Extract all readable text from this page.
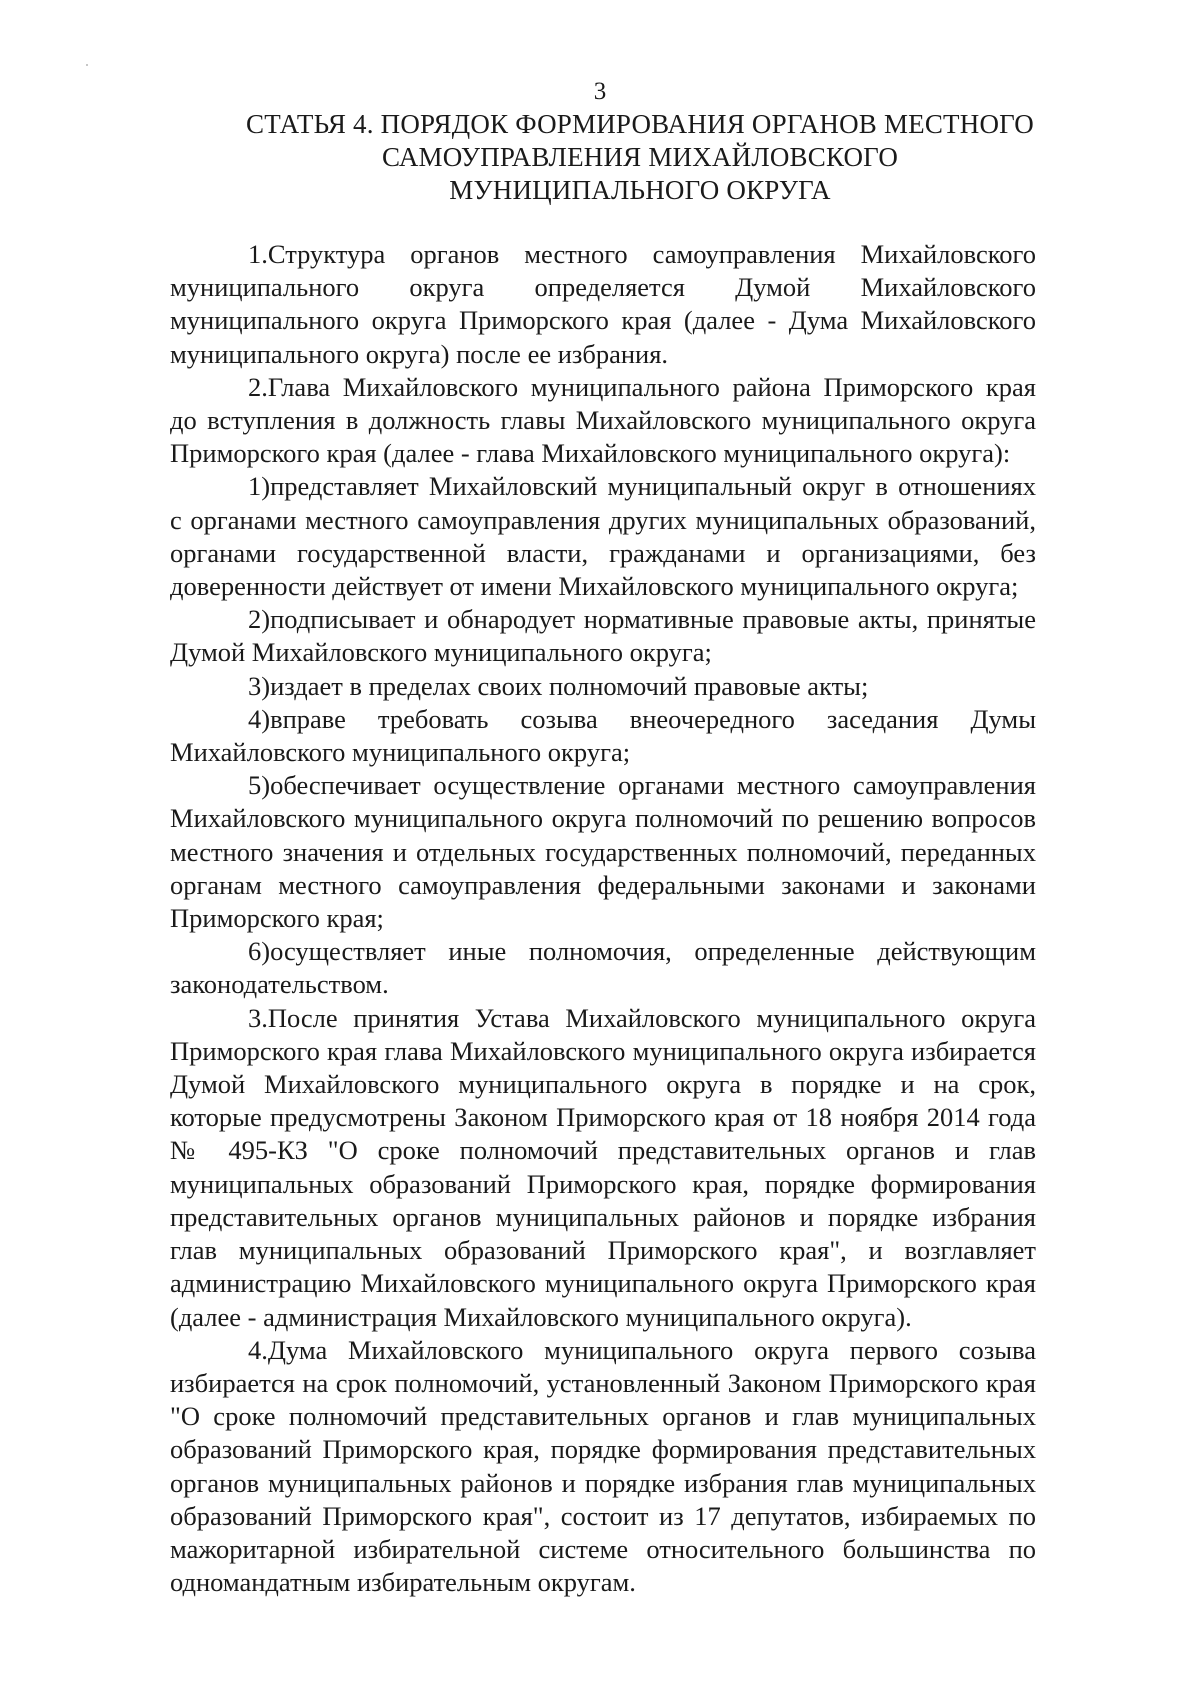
3
СТАТЬЯ 4. ПОРЯДОК ФОРМИРОВАНИЯ ОРГАНОВ МЕСТНОГО
САМОУПРАВЛЕНИЯ МИХАЙЛОВСКОГО
МУНИЦИПАЛЬНОГО ОКРУГА

1.Структура органов местного самоуправления Михайловского муниципального округа определяется Думой Михайловского муниципального округа Приморского края (далее - Дума Михайловского муниципального округа) после ее избрания.

2.Глава Михайловского муниципального района Приморского края до вступления в должность главы Михайловского муниципального округа Приморского края (далее - глава Михайловского муниципального округа):

1)представляет Михайловский муниципальный округ в отношениях с органами местного самоуправления других муниципальных образований, органами государственной власти, гражданами и организациями, без доверенности действует от имени Михайловского муниципального округа;

2)подписывает и обнародует нормативные правовые акты, принятые Думой Михайловского муниципального округа;

3)издает в пределах своих полномочий правовые акты;

4)вправе требовать созыва внеочередного заседания Думы Михайловского муниципального округа;

5)обеспечивает осуществление органами местного самоуправления Михайловского муниципального округа полномочий по решению вопросов местного значения и отдельных государственных полномочий, переданных органам местного самоуправления федеральными законами и законами Приморского края;

6)осуществляет иные полномочия, определенные действующим законодательством.

3.После принятия Устава Михайловского муниципального округа Приморского края глава Михайловского муниципального округа избирается Думой Михайловского муниципального округа в порядке и на срок, которые предусмотрены Законом Приморского края от 18 ноября 2014 года № 495-КЗ "О сроке полномочий представительных органов и глав муниципальных образований Приморского края, порядке формирования представительных органов муниципальных районов и порядке избрания глав муниципальных образований Приморского края", и возглавляет администрацию Михайловского муниципального округа Приморского края (далее - администрация Михайловского муниципального округа).

4.Дума Михайловского муниципального округа первого созыва избирается на срок полномочий, установленный Законом Приморского края "О сроке полномочий представительных органов и глав муниципальных образований Приморского края, порядке формирования представительных органов муниципальных районов и порядке избрания глав муниципальных образований Приморского края", состоит из 17 депутатов, избираемых по мажоритарной избирательной системе относительного большинства по одномандатным избирательным округам.
